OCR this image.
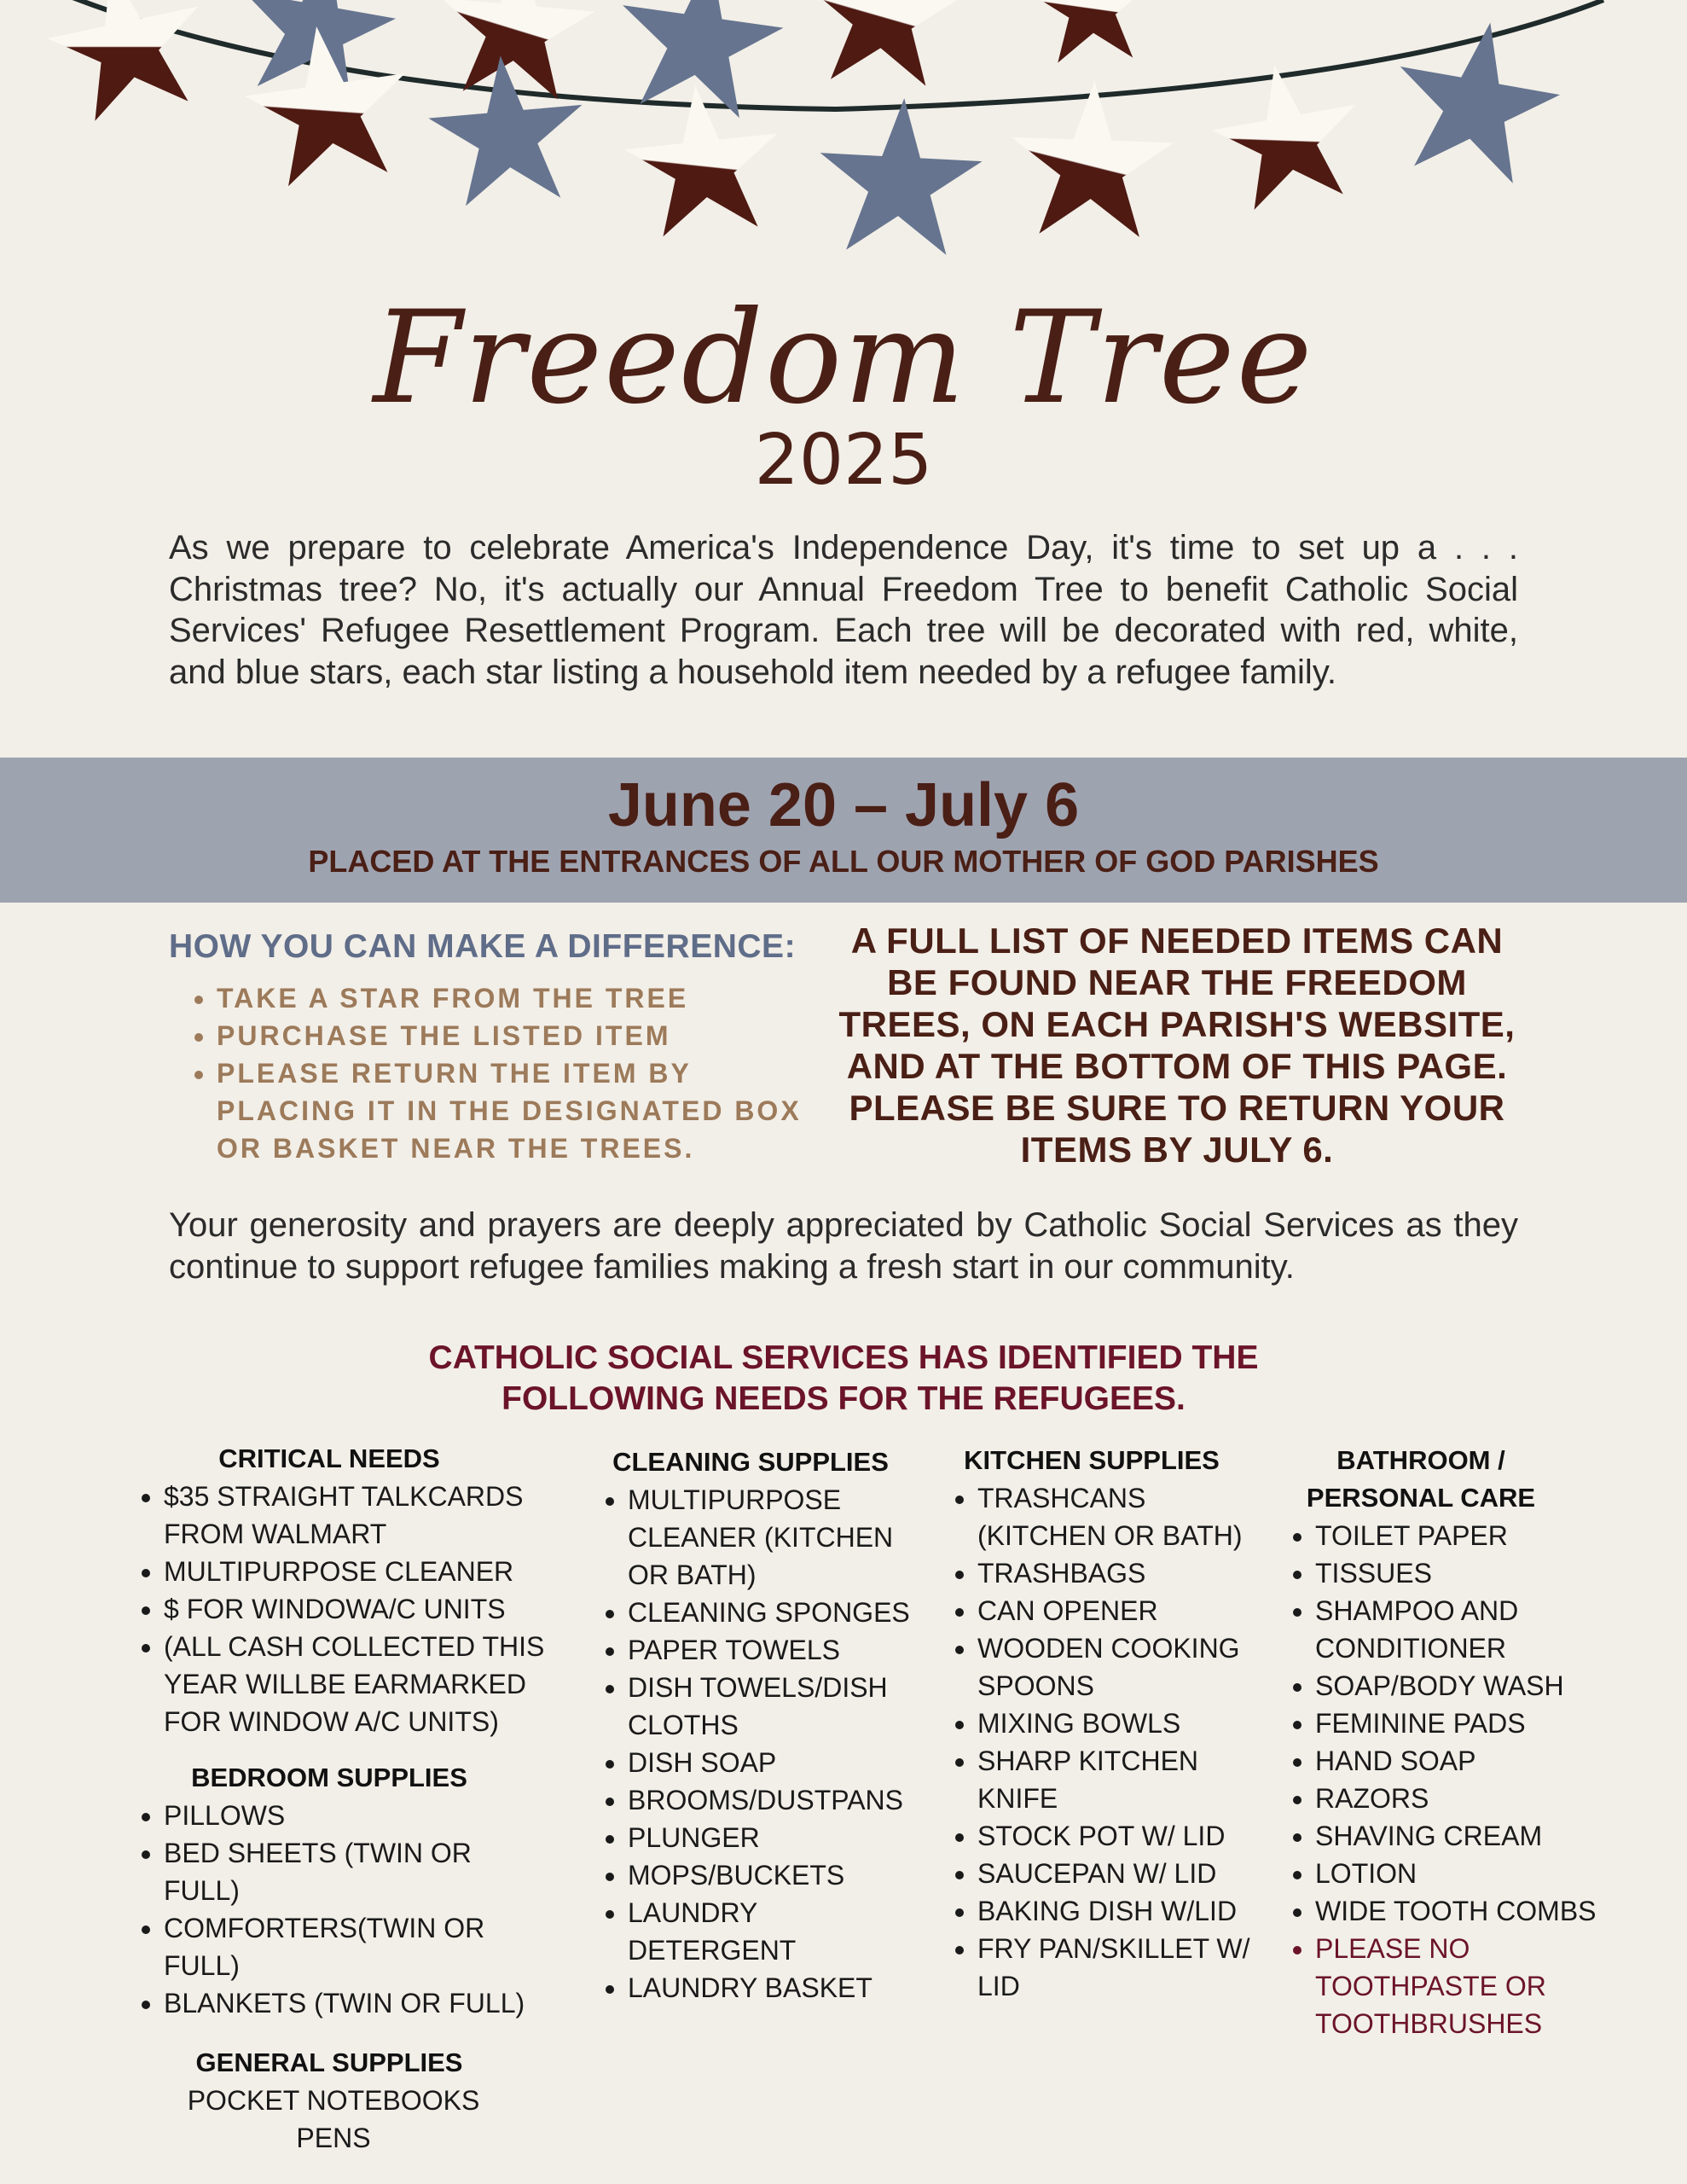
Freedom Tree
2025

As we prepare to celebrate America's Independence Day, it's time to set up a . . . Christmas tree? No, it's actually our Annual Freedom Tree to benefit Catholic Social Services' Refugee Resettlement Program. Each tree will be decorated with red, white, and blue stars, each star listing a household item needed by a refugee family.

June 20 – July 6
PLACED AT THE ENTRANCES OF ALL OUR MOTHER OF GOD PARISHES
HOW YOU CAN MAKE A DIFFERENCE:
• TAKE A STAR FROM THE TREE
• PURCHASE THE LISTED ITEM
• PLEASE RETURN THE ITEM BY PLACING IT IN THE DESIGNATED BOX OR BASKET NEAR THE TREES.
A FULL LIST OF NEEDED ITEMS CAN BE FOUND NEAR THE FREEDOM TREES, ON EACH PARISH'S WEBSITE, AND AT THE BOTTOM OF THIS PAGE. PLEASE BE SURE TO RETURN YOUR ITEMS BY JULY 6.

Your generosity and prayers are deeply appreciated by Catholic Social Services as they continue to support refugee families making a fresh start in our community.

CATHOLIC SOCIAL SERVICES HAS IDENTIFIED THE FOLLOWING NEEDS FOR THE REFUGEES.
CRITICAL NEEDS
• $35 STRAIGHT TALKCARDS FROM WALMART
• MULTIPURPOSE CLEANER
• $ FOR WINDOWA/C UNITS
• (ALL CASH COLLECTED THIS YEAR WILLBE EARMARKED FOR WINDOW A/C UNITS)
BEDROOM SUPPLIES
• PILLOWS
• BED SHEETS (TWIN OR FULL)
• COMFORTERS(TWIN OR FULL)
• BLANKETS (TWIN OR FULL)
GENERAL SUPPLIES
POCKET NOTEBOOKS
PENS
CLEANING SUPPLIES
• MULTIPURPOSE CLEANER (KITCHEN OR BATH)
• CLEANING SPONGES
• PAPER TOWELS
• DISH TOWELS/DISH CLOTHS
• DISH SOAP
• BROOMS/DUSTPANS
• PLUNGER
• MOPS/BUCKETS
• LAUNDRY DETERGENT
• LAUNDRY BASKET
KITCHEN SUPPLIES
• TRASHCANS (KITCHEN OR BATH)
• TRASHBAGS
• CAN OPENER
• WOODEN COOKING SPOONS
• MIXING BOWLS
• SHARP KITCHEN KNIFE
• STOCK POT W/ LID
• SAUCEPAN W/ LID
• BAKING DISH W/LID
• FRY PAN/SKILLET W/ LID
BATHROOM /
PERSONAL CARE
• TOILET PAPER
• TISSUES
• SHAMPOO AND CONDITIONER
• SOAP/BODY WASH
• FEMININE PADS
• HAND SOAP
• RAZORS
• SHAVING CREAM
• LOTION
• WIDE TOOTH COMBS
• PLEASE NO TOOTHPASTE OR TOOTHBRUSHES
